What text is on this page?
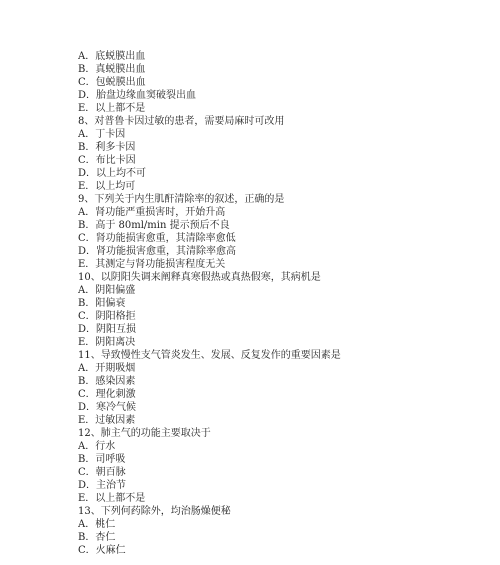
A．底蜕膜出血
B．真蜕膜出血
C．包蜕膜出血
D．胎盘边缘血窦破裂出血
E．以上都不是
8、对普鲁卡因过敏的患者，需要局麻时可改用
A．丁卡因
B．利多卡因
C．布比卡因
D．以上均不可
E．以上均可
9、下列关于内生肌酐清除率的叙述，正确的是
A．肾功能严重损害时，开始升高
B．高于 80ml/min 提示预后不良
C．肾功能损害愈重，其清除率愈低
D．肾功能损害愈重，其清除率愈高
E．其测定与肾功能损害程度无关
10、以阴阳失调来阐释真寒假热或真热假寒，其病机是
A．阴阳偏盛
B．阳偏衰
C．阴阳格拒
D．阴阳互损
E．阴阳离决
11、导致慢性支气管炎发生、发展、反复发作的重要因素是
A．开期吸烟
B．感染因素
C．理化刺激
D．寒冷气候
E．过敏因素
12、肺主气的功能主要取决于
A．行水
B．司呼吸
C．朝百脉
D．主治节
E．以上都不是
13、下列何药除外，均治肠燥便秘
A．桃仁
B．杏仁
C．火麻仁
